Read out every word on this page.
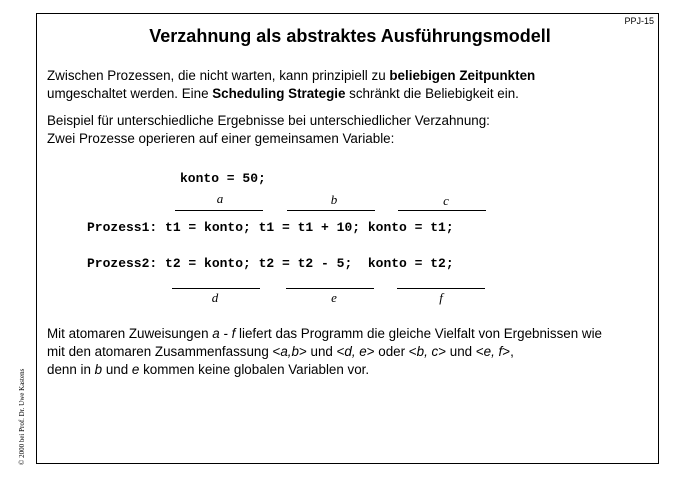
PPJ-15
Verzahnung als abstraktes Ausführungsmodell
Zwischen Prozessen, die nicht warten, kann prinzipiell zu beliebigen Zeitpunkten
umgeschaltet werden. Eine Scheduling Strategie schränkt die Beliebigkeit ein.
Beispiel für unterschiedliche Ergebnisse bei unterschiedlicher Verzahnung:
Zwei Prozesse operieren auf einer gemeinsamen Variable:
konto = 50;
a	b	c
Prozess1: t1 = konto; t1 = t1 + 10; konto = t1;
Prozess2: t2 = konto; t2 = t2 - 5;  konto = t2;
d	e	f
Mit atomaren Zuweisungen a - f liefert das Programm die gleiche Vielfalt von Ergebnissen wie
mit den atomaren Zusammenfassung <a,b> und <d, e> oder <b, c> und <e, f>,
denn in b und e kommen keine globalen Variablen vor.
© 2000 bei Prof. Dr. Uwe Kastens
